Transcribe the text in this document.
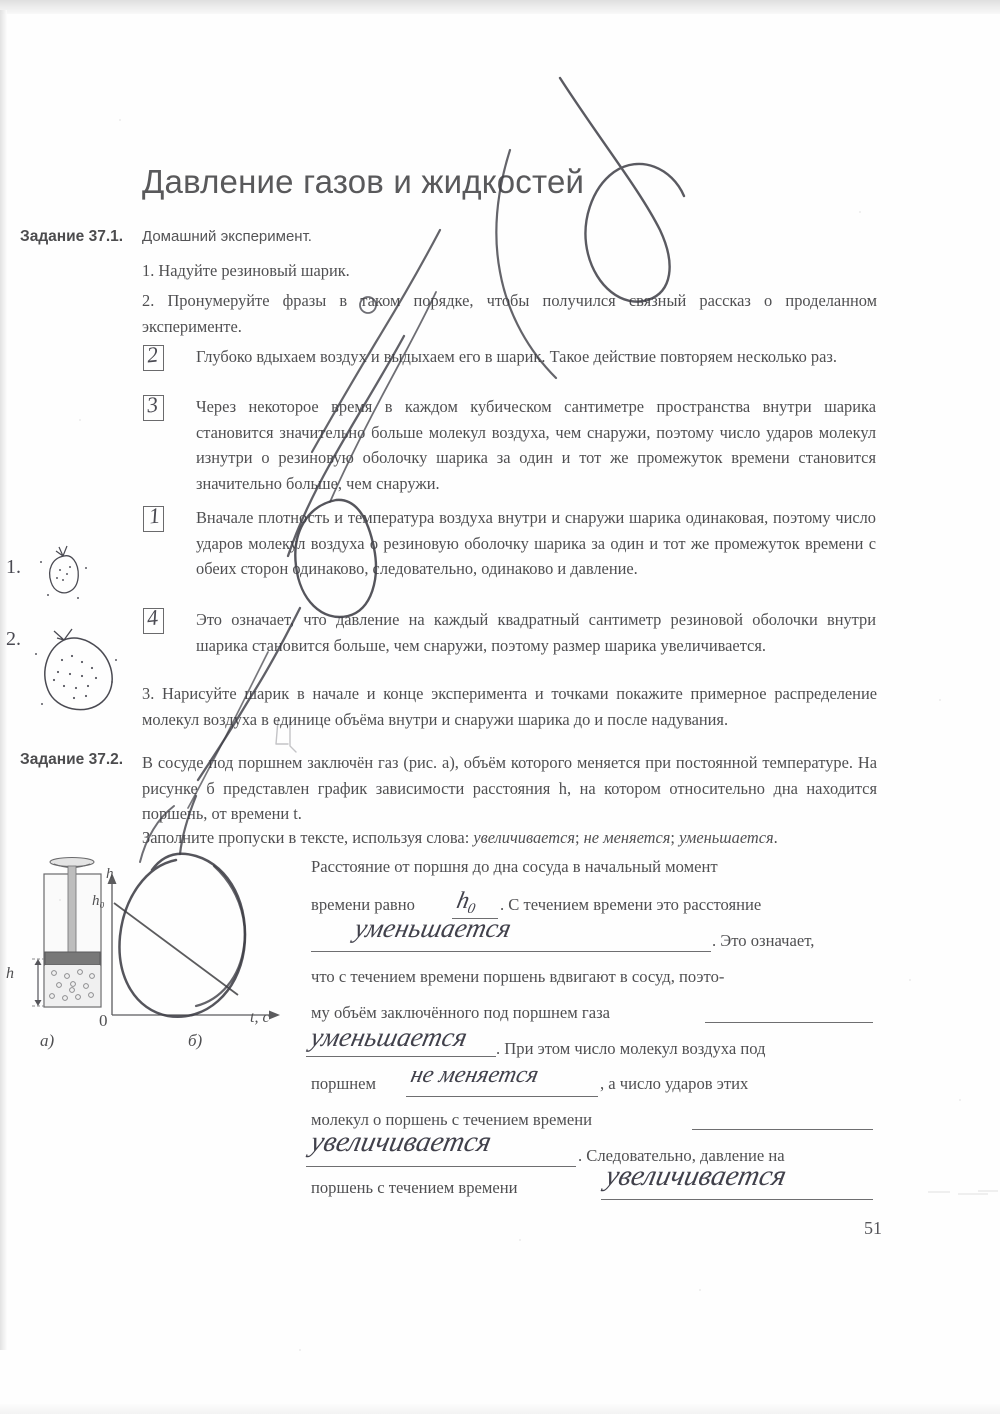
Давление газов и жидкостей
Задание 37.1. Домашний эксперимент.
1. Надуйте резиновый шарик.
2. Пронумеруйте фразы в таком порядке, чтобы получился связный рассказ о проделанном эксперименте.
2 Глубоко вдыхаем воздух и выдыхаем его в шарик. Такое действие повторяем несколько раз.
3 Через некоторое время в каждом кубическом сантиметре пространства внутри шарика становится значительно больше молекул воздуха, чем снаружи, поэтому число ударов молекул изнутри о резиновую оболочку шарика за один и тот же промежуток времени становится значительно больше, чем снаружи.
1 Вначале плотность и температура воздуха внутри и снаружи шарика одинаковая, поэтому число ударов молекул воздуха о резиновую оболочку шарика за один и тот же промежуток времени с обеих сторон одинаково, следовательно, одинаково и давление.
4 Это означает, что давление на каждый квадратный сантиметр резиновой оболочки внутри шарика становится больше, чем снаружи, поэтому размер шарика увеличивается.
3. Нарисуйте шарик в начале и конце эксперимента и точками покажите примерное распределение молекул воздуха в единице объёма внутри и снаружи шарика до и после надувания.
1.
2.
Задание 37.2. В сосуде под поршнем заключён газ (рис. а), объём которого меняется при постоянной температуре. На рисунке б представлен график зависимости расстояния h, на котором относительно дна находится поршень, от времени t.
Заполните пропуски в тексте, используя слова: увеличивается; не меняется; уменьшается.
h
а)
h
h₀
0	t, с
б)
Расстояние от поршня до дна сосуда в начальный момент
времени равно h₀ . С течением времени это расстояние
уменьшается	. Это означает,
что с течением времени поршень вдвигают в сосуд, поэто-
му объём заключённого под поршнем газа
уменьшается . При этом число молекул воздуха под
поршнем не меняется	, а число ударов этих
молекул о поршень с течением времени
увеличивается	. Следовательно, давление на
поршень с течением времени	увеличивается
51
